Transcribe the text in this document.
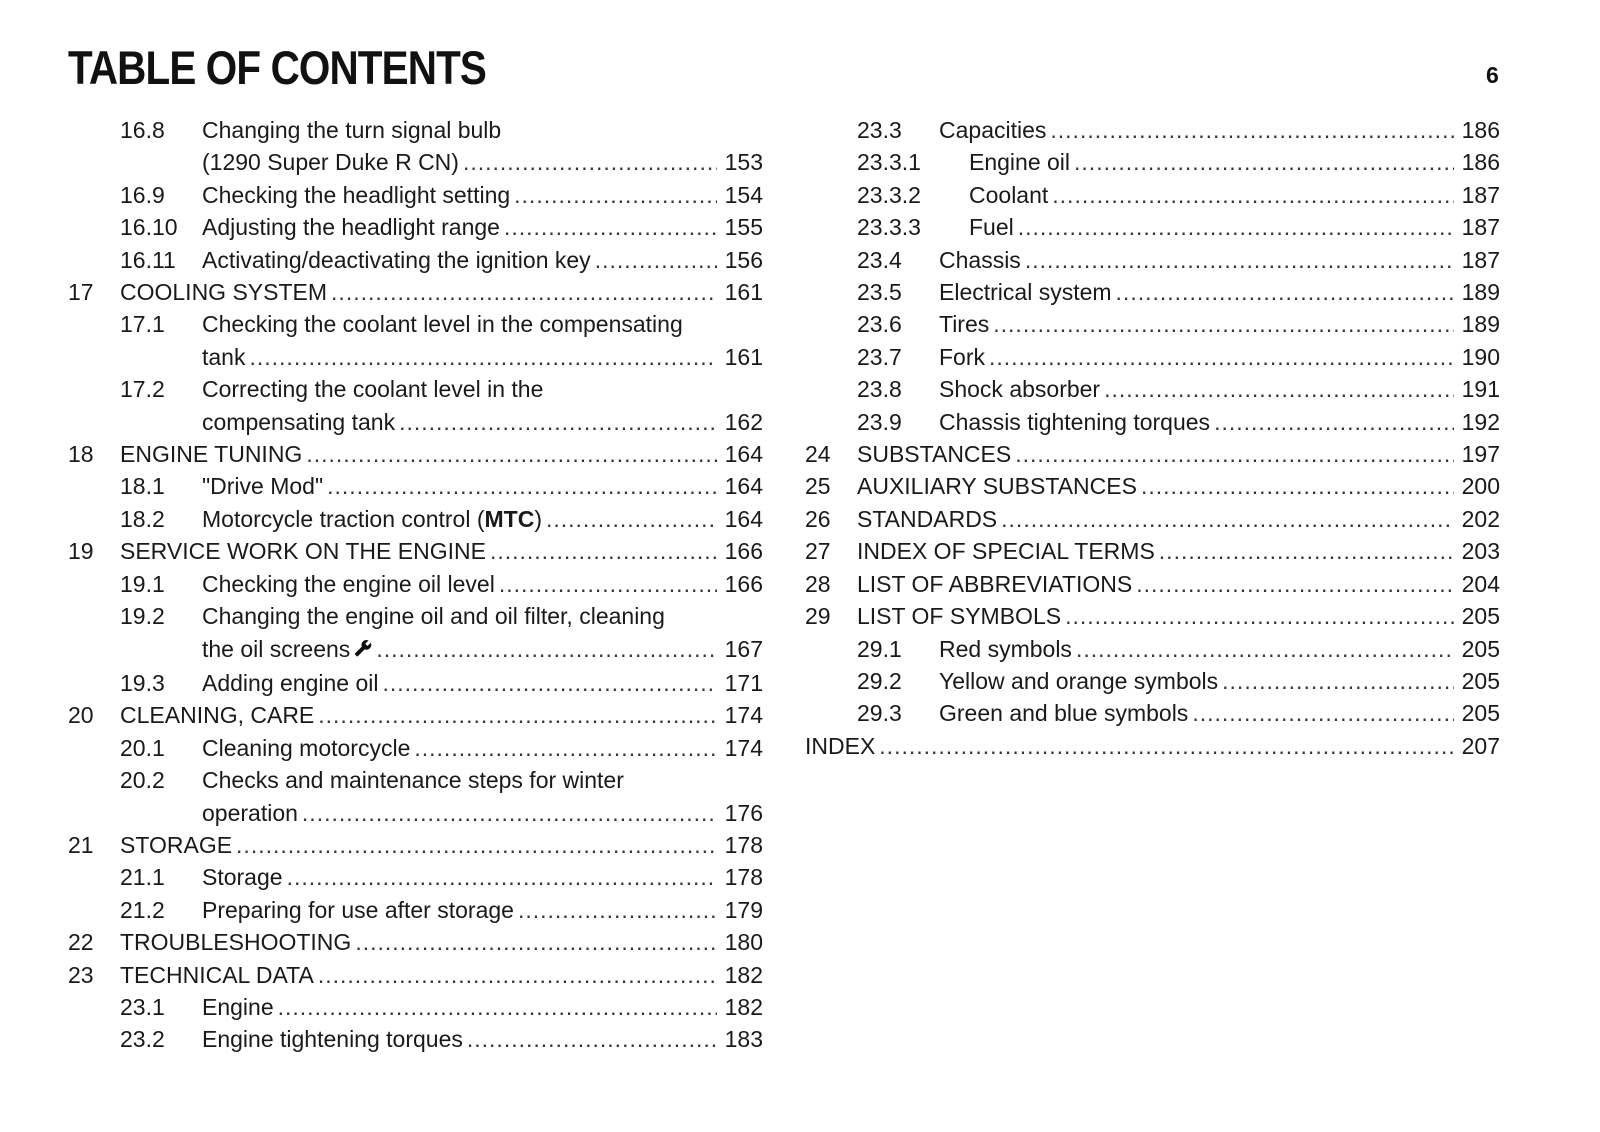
TABLE OF CONTENTS	6
16.8 Changing the turn signal bulb
(1290 Super Duke R CN) .....	153
16.9 Checking the headlight setting .....	154
16.10 Adjusting the headlight range .....	155
16.11 Activating/deactivating the ignition key .....	156
17 COOLING SYSTEM .....	161
17.1 Checking the coolant level in the compensating
tank .....	161
17.2 Correcting the coolant level in the
compensating tank .....	162
18 ENGINE TUNING .....	164
18.1 "Drive Mod" .....	164
18.2 Motorcycle traction control ( MTC ) .....	164
19 SERVICE WORK ON THE ENGINE .....	166
19.1 Checking the engine oil level .....	166
19.2 Changing the engine oil and oil filter, cleaning
the oil screens .....	167
19.3 Adding engine oil .....	171
20 CLEANING, CARE .....	174
20.1 Cleaning motorcycle .....	174
20.2 Checks and maintenance steps for winter
operation .....	176
21 STORAGE .....	178
21.1 Storage .....	178
21.2 Preparing for use after storage .....	179
22 TROUBLESHOOTING .....	180
23 TECHNICAL DATA .....	182
23.1 Engine .....	182
23.2 Engine tightening torques .....	183
23.3 Capacities .....	186
23.3.1 Engine oil .....	186
23.3.2 Coolant .....	187
23.3.3 Fuel .....	187
23.4 Chassis .....	187
23.5 Electrical system .....	189
23.6 Tires .....	189
23.7 Fork .....	190
23.8 Shock absorber .....	191
23.9 Chassis tightening torques .....	192
24 SUBSTANCES .....	197
25 AUXILIARY SUBSTANCES .....	200
26 STANDARDS .....	202
27 INDEX OF SPECIAL TERMS .....	203
28 LIST OF ABBREVIATIONS .....	204
29 LIST OF SYMBOLS .....	205
29.1 Red symbols .....	205
29.2 Yellow and orange symbols .....	205
29.3 Green and blue symbols .....	205
INDEX .....	207
